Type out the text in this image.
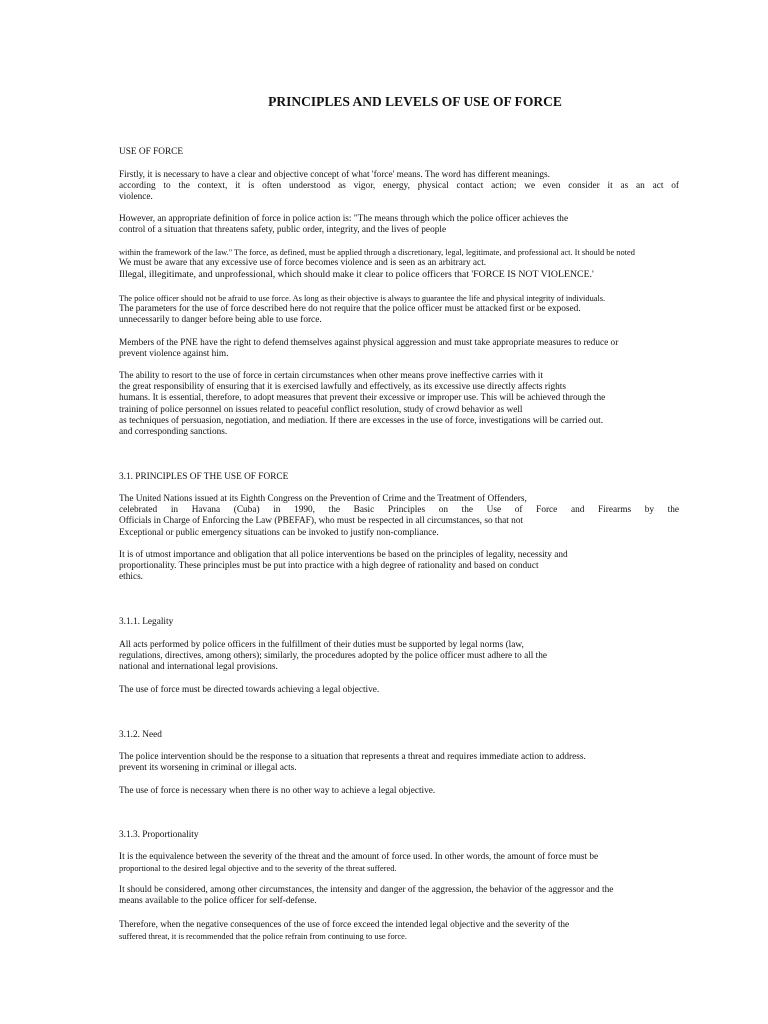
PRINCIPLES AND LEVELS OF USE OF FORCE

USE OF FORCE

Firstly, it is necessary to have a clear and objective concept of what 'force' means. The word has different meanings.
according to the context, it is often understood as vigor, energy, physical contact action; we even consider it as an act of
violence.

However, an appropriate definition of force in police action is: "The means through which the police officer achieves the
control of a situation that threatens safety, public order, integrity, and the lives of people

within the framework of the law." The force, as defined, must be applied through a discretionary, legal, legitimate, and professional act. It should be noted
We must be aware that any excessive use of force becomes violence and is seen as an arbitrary act.
Illegal, illegitimate, and unprofessional, which should make it clear to police officers that 'FORCE IS NOT VIOLENCE.'

The police officer should not be afraid to use force. As long as their objective is always to guarantee the life and physical integrity of individuals.
The parameters for the use of force described here do not require that the police officer must be attacked first or be exposed.
unnecessarily to danger before being able to use force.

Members of the PNE have the right to defend themselves against physical aggression and must take appropriate measures to reduce or
prevent violence against him.

The ability to resort to the use of force in certain circumstances when other means prove ineffective carries with it
the great responsibility of ensuring that it is exercised lawfully and effectively, as its excessive use directly affects rights
humans. It is essential, therefore, to adopt measures that prevent their excessive or improper use. This will be achieved through the
training of police personnel on issues related to peaceful conflict resolution, study of crowd behavior as well
as techniques of persuasion, negotiation, and mediation. If there are excesses in the use of force, investigations will be carried out.
and corresponding sanctions.

3.1. PRINCIPLES OF THE USE OF FORCE

The United Nations issued at its Eighth Congress on the Prevention of Crime and the Treatment of Offenders,
celebrated in Havana (Cuba) in 1990, the Basic Principles on the Use of Force and Firearms by the
Officials in Charge of Enforcing the Law (PBEFAF), who must be respected in all circumstances, so that not
Exceptional or public emergency situations can be invoked to justify non-compliance.

It is of utmost importance and obligation that all police interventions be based on the principles of legality, necessity and
proportionality. These principles must be put into practice with a high degree of rationality and based on conduct
ethics.

3.1.1. Legality

All acts performed by police officers in the fulfillment of their duties must be supported by legal norms (law,
regulations, directives, among others); similarly, the procedures adopted by the police officer must adhere to all the
national and international legal provisions.

The use of force must be directed towards achieving a legal objective.

3.1.2. Need

The police intervention should be the response to a situation that represents a threat and requires immediate action to address.
prevent its worsening in criminal or illegal acts.

The use of force is necessary when there is no other way to achieve a legal objective.

3.1.3. Proportionality

It is the equivalence between the severity of the threat and the amount of force used. In other words, the amount of force must be
proportional to the desired legal objective and to the severity of the threat suffered.

It should be considered, among other circumstances, the intensity and danger of the aggression, the behavior of the aggressor and the
means available to the police officer for self-defense.

Therefore, when the negative consequences of the use of force exceed the intended legal objective and the severity of the
suffered threat, it is recommended that the police refrain from continuing to use force.
